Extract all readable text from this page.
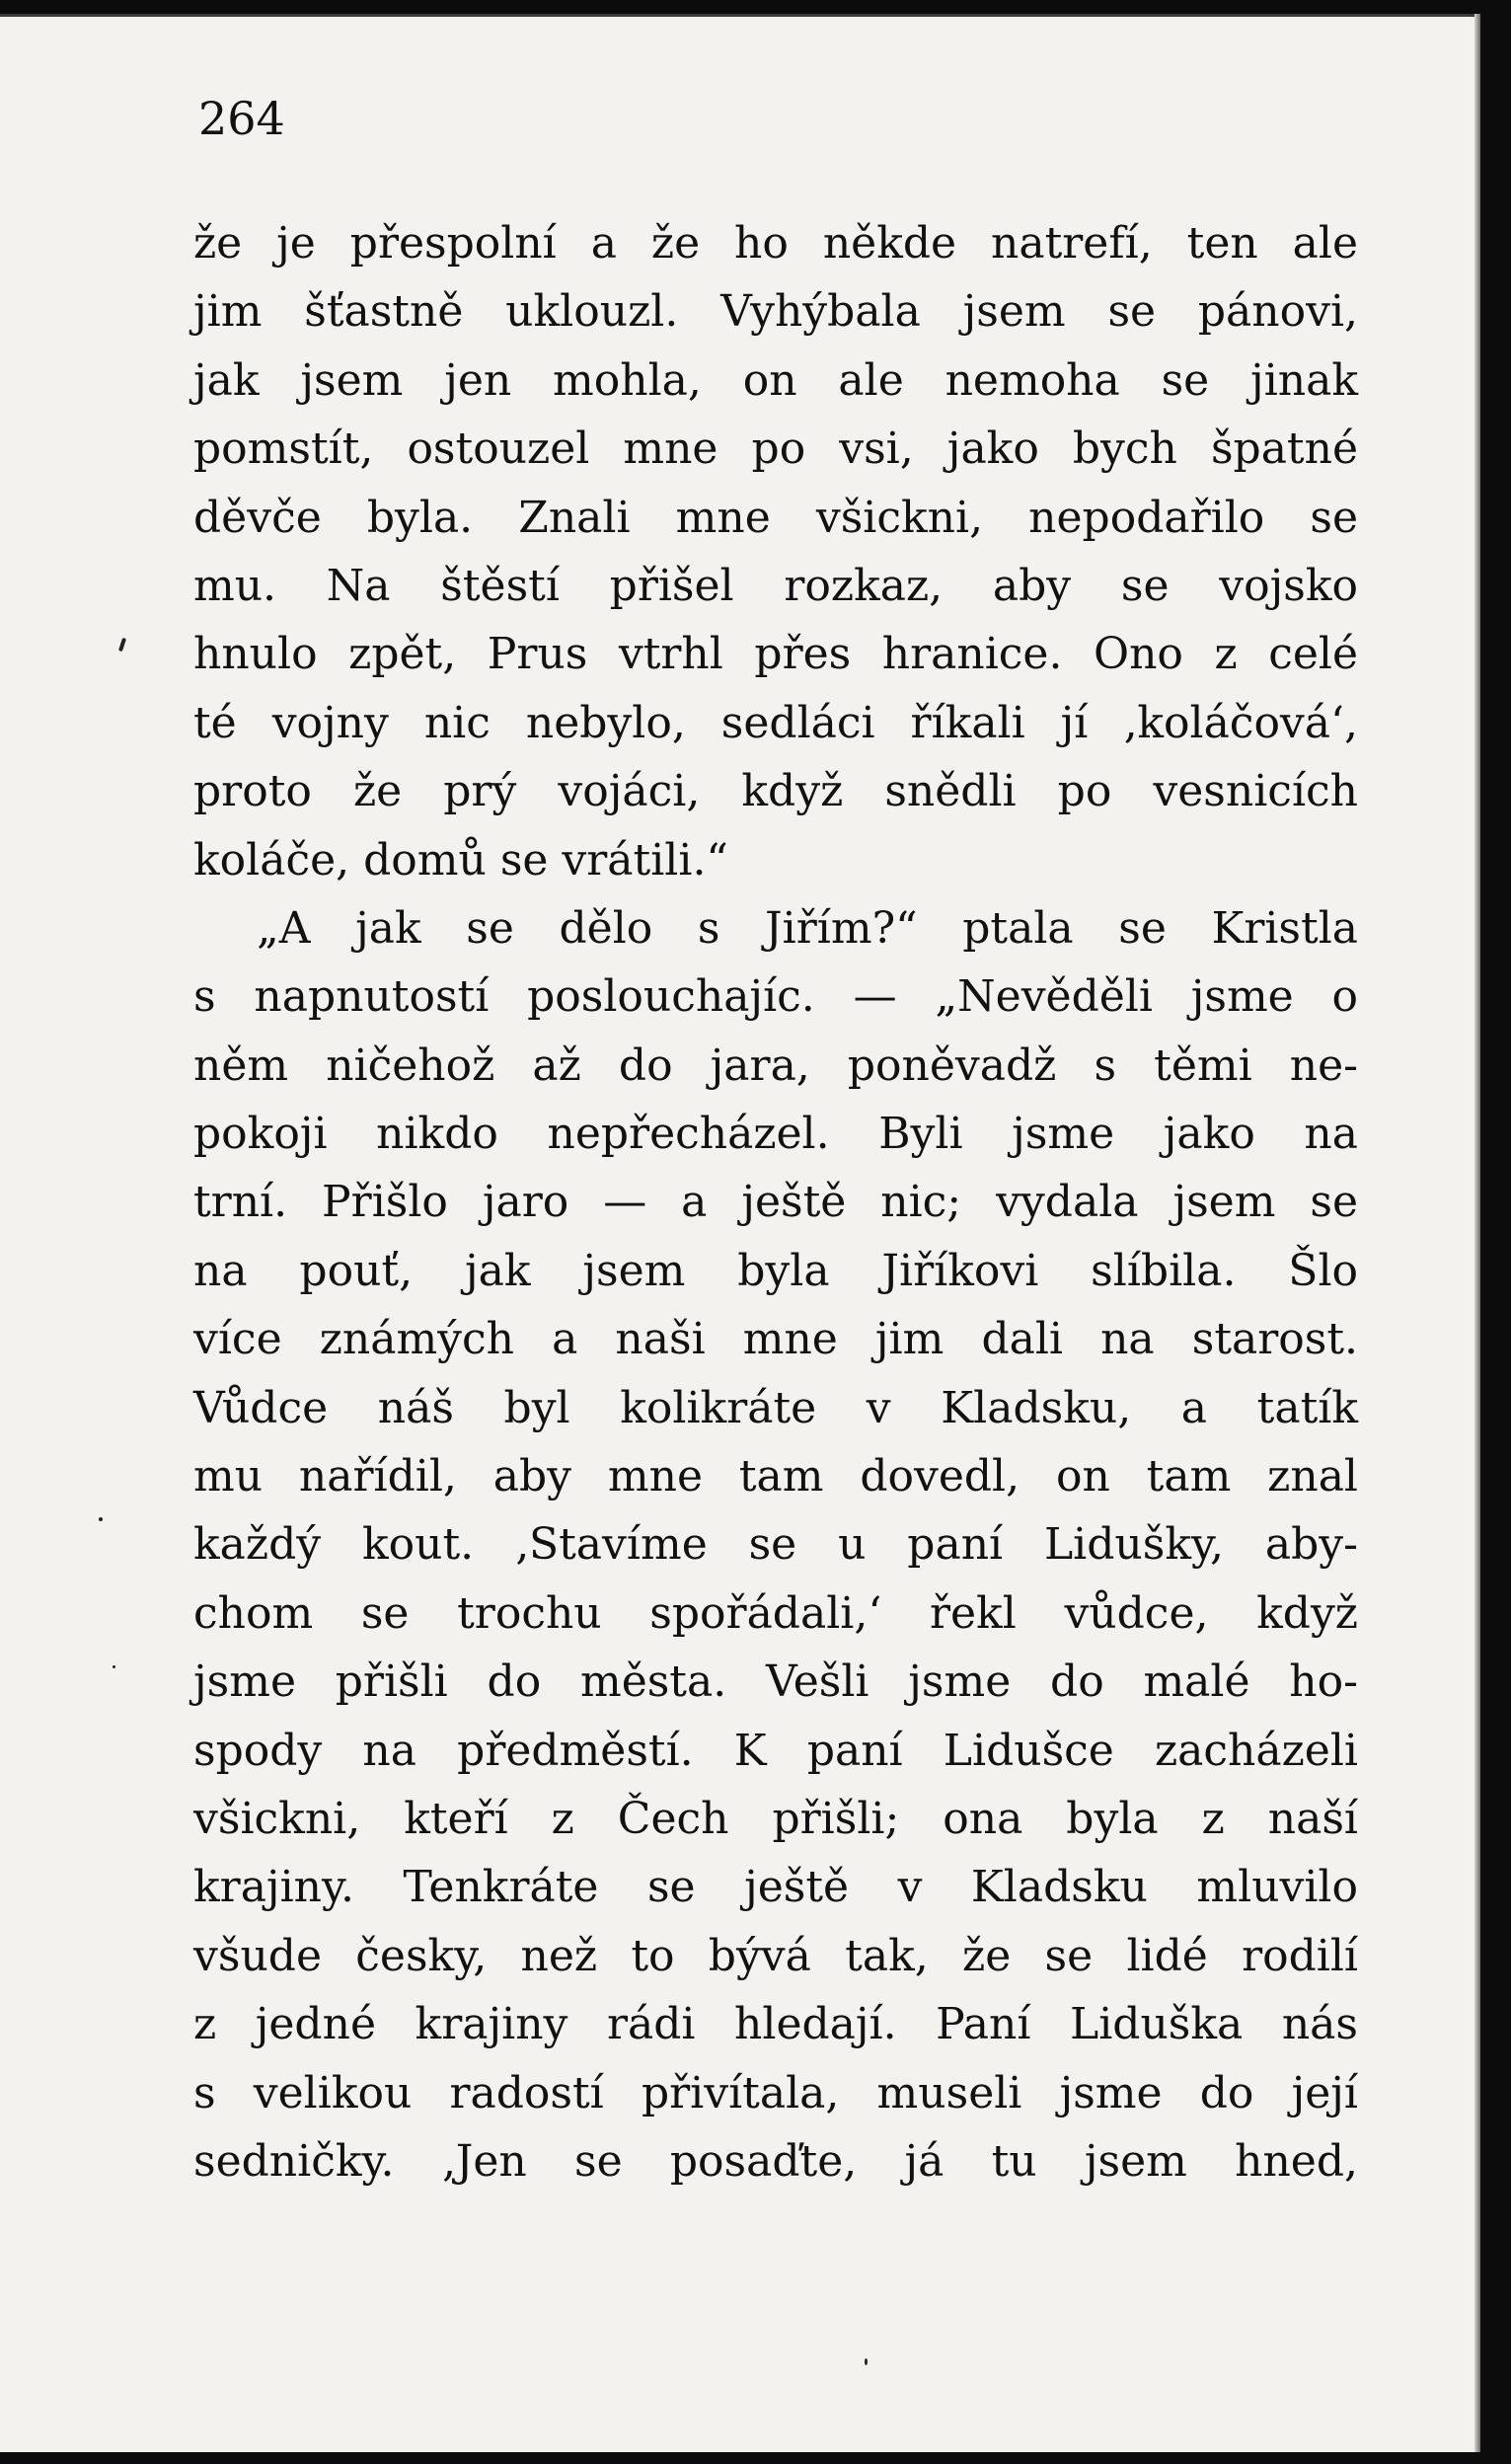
264
že je přespolní a že ho někde natrefí, ten ale
jim šťastně uklouzl. Vyhýbala jsem se pánovi,
jak jsem jen mohla, on ale nemoha se jinak
pomstít, ostouzel mne po vsi, jako bych špatné
děvče byla. Znali mne všickni, nepodařilo se
mu. Na štěstí přišel rozkaz, aby se vojsko
hnulo zpět, Prus vtrhl přes hranice. Ono z celé
té vojny nic nebylo, sedláci říkali jí ‚koláčová‘,
proto že prý vojáci, když snědli po vesnicích
koláče, domů se vrátili.“
„A jak se dělo s Jiřím?“ ptala se Kristla
s napnutostí poslouchajíc. — „Nevěděli jsme o
něm ničehož až do jara, poněvadž s těmi ne-
pokoji nikdo nepřecházel. Byli jsme jako na
trní. Přišlo jaro — a ještě nic; vydala jsem se
na pouť, jak jsem byla Jiříkovi slíbila. Šlo
více známých a naši mne jim dali na starost.
Vůdce náš byl kolikráte v Kladsku, a tatík
mu nařídil, aby mne tam dovedl, on tam znal
každý kout. ‚Stavíme se u paní Lidušky, aby-
chom se trochu spořádali,‘ řekl vůdce, když
jsme přišli do města. Vešli jsme do malé ho-
spody na předměstí. K paní Lidušce zacházeli
všickni, kteří z Čech přišli; ona byla z naší
krajiny. Tenkráte se ještě v Kladsku mluvilo
všude česky, než to bývá tak, že se lidé rodilí
z jedné krajiny rádi hledají. Paní Liduška nás
s velikou radostí přivítala, museli jsme do její
sedničky. ‚Jen se posaďte, já tu jsem hned,
